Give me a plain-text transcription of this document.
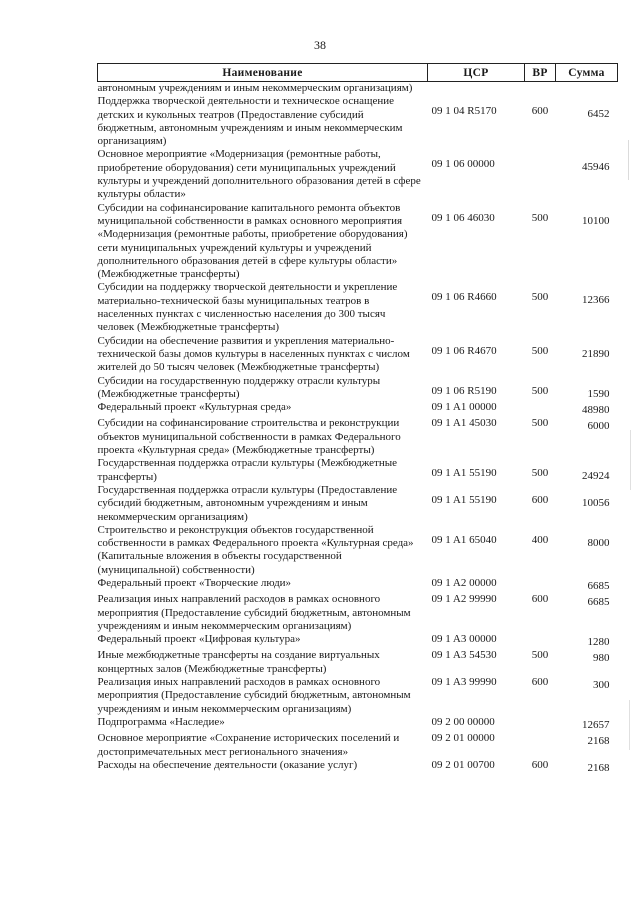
38
Наименование	ЦСР	ВР	Сумма
автономным учреждениям и иным некоммерческим организациям)			
Поддержка творческой деятельности и техническое оснащение детских и кукольных театров (Предоставление субсидий бюджетным, автономным учреждениям и иным некоммерческим организациям)	09 1 04 R5170	600	6452
Основное мероприятие «Модернизация (ремонтные работы, приобретение оборудования) сети муниципальных учреждений культуры и учреждений дополнительного образования детей в сфере культуры области»	09 1 06 00000		45946
Субсидии на софинансирование капитального ремонта объектов муниципальной собственности в рамках основного мероприятия «Модернизация (ремонтные работы, приобретение оборудования) сети муниципальных учреждений культуры и учреждений дополнительного образования детей в сфере культуры области» (Межбюджетные трансферты)	09 1 06 46030	500	10100
Субсидии на поддержку творческой деятельности и укрепление материально-технической базы муниципальных театров в населенных пунктах с численностью населения до 300 тысяч человек (Межбюджетные трансферты)	09 1 06 R4660	500	12366
Субсидии на обеспечение развития и укрепления материально-технической базы домов культуры в населенных пунктах с числом жителей до 50 тысяч человек (Межбюджетные трансферты)	09 1 06 R4670	500	21890
Субсидии на государственную поддержку отрасли культуры (Межбюджетные трансферты)	09 1 06 R5190	500	1590
Федеральный проект «Культурная среда»	09 1 A1 00000		48980
Субсидии на софинансирование строительства и реконструкции объектов муниципальной собственности в рамках Федерального проекта «Культурная среда» (Межбюджетные трансферты)	09 1 A1 45030	500	6000
Государственная поддержка отрасли культуры (Межбюджетные трансферты)	09 1 A1 55190	500	24924
Государственная поддержка отрасли культуры (Предоставление субсидий бюджетным, автономным учреждениям и иным некоммерческим организациям)	09 1 A1 55190	600	10056
Строительство и реконструкция объектов государственной собственности в рамках Федерального проекта «Культурная среда» (Капитальные вложения в объекты государственной (муниципальной) собственности)	09 1 A1 65040	400	8000
Федеральный проект «Творческие люди»	09 1 A2 00000		6685
Реализация иных направлений расходов в рамках основного мероприятия (Предоставление субсидий бюджетным, автономным учреждениям и иным некоммерческим организациям)	09 1 A2 99990	600	6685
Федеральный проект «Цифровая культура»	09 1 A3 00000		1280
Иные межбюджетные трансферты на создание виртуальных концертных залов (Межбюджетные трансферты)	09 1 A3 54530	500	980
Реализация иных направлений расходов в рамках основного мероприятия (Предоставление субсидий бюджетным, автономным учреждениям и иным некоммерческим организациям)	09 1 A3 99990	600	300
Подпрограмма «Наследие»	09 2 00 00000		12657
Основное мероприятие «Сохранение исторических поселений и достопримечательных мест регионального значения»	09 2 01 00000		2168
Расходы на обеспечение деятельности (оказание услуг)	09 2 01 00700	600	2168
